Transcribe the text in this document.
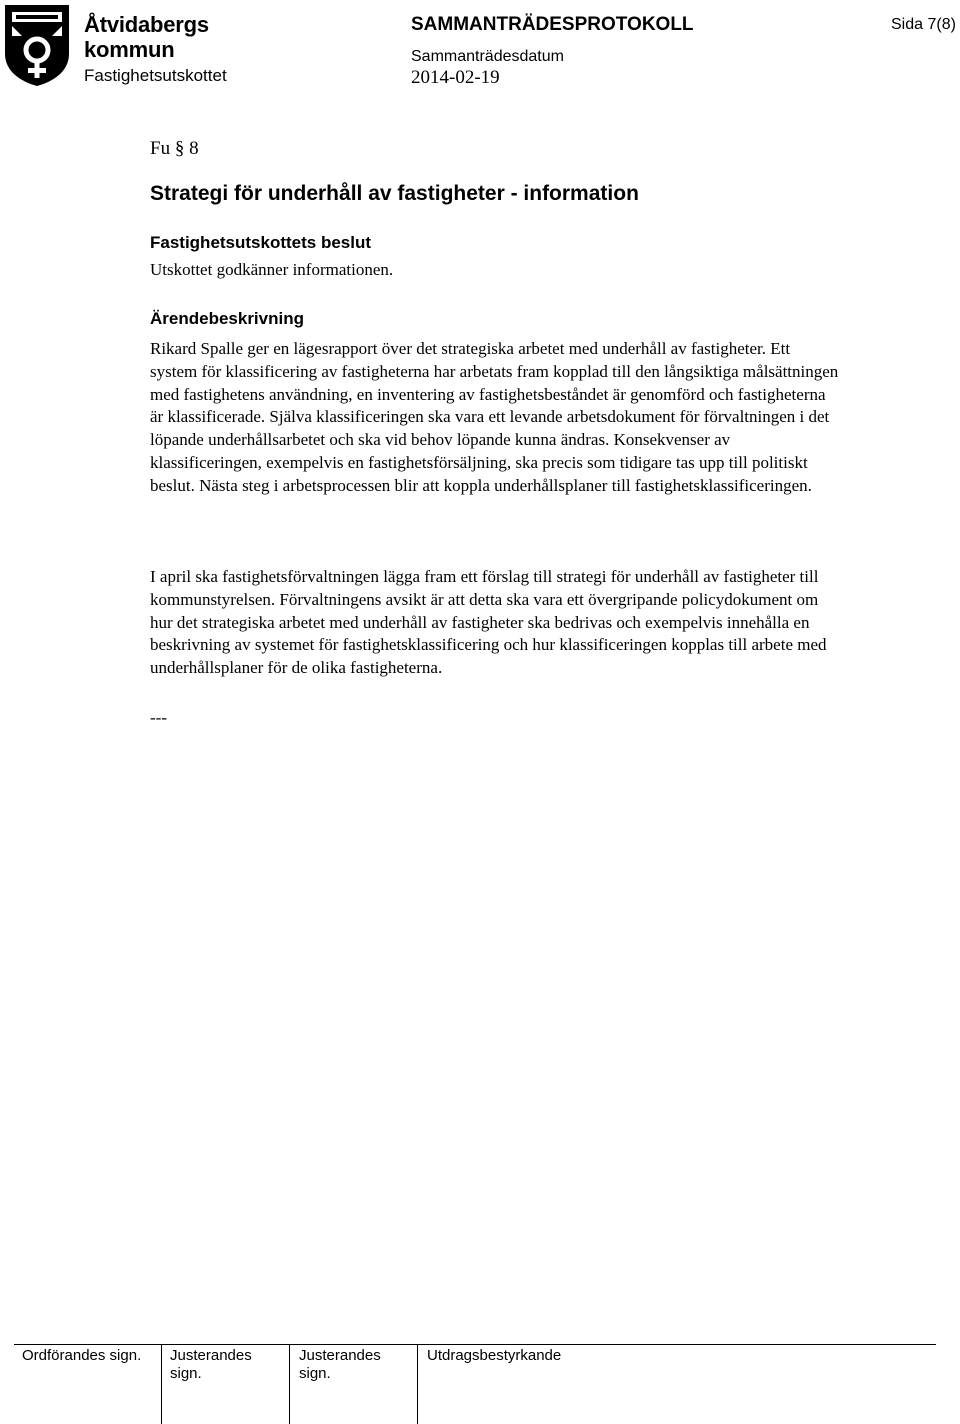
Åtvidabergs
kommun
Fastighetsutskottet
SAMMANTRÄDESPROTOKOLL
Sammanträdesdatum
2014-02-19
Sida 7(8)
Fu § 8
Strategi för underhåll av fastigheter - information
Fastighetsutskottets beslut
Utskottet godkänner informationen.
Ärendebeskrivning

Rikard Spalle ger en lägesrapport över det strategiska arbetet med underhåll av fastigheter. Ett system för klassificering av fastigheterna har arbetats fram kopplad till den långsiktiga målsättningen med fastighetens användning, en inventering av fastighetsbeståndet är genomförd och fastigheterna är klassificerade. Själva klassificeringen ska vara ett levande arbetsdokument för förvaltningen i det löpande underhållsarbetet och ska vid behov löpande kunna ändras. Konsekvenser av klassificeringen, exempelvis en fastighetsförsäljning, ska precis som tidigare tas upp till politiskt beslut. Nästa steg i arbetsprocessen blir att koppla underhållsplaner till fastighetsklassificeringen.

I april ska fastighetsförvaltningen lägga fram ett förslag till strategi för underhåll av fastigheter till kommunstyrelsen. Förvaltningens avsikt är att detta ska vara ett övergripande policydokument om hur det strategiska arbetet med underhåll av fastigheter ska bedrivas och exempelvis innehålla en beskrivning av systemet för fastighetsklassificering och hur klassificeringen kopplas till arbete med underhållsplaner för de olika fastigheterna.

---
Ordförandes sign. Justerandes sign.
Justerandes sign.
Utdragsbestyrkande
